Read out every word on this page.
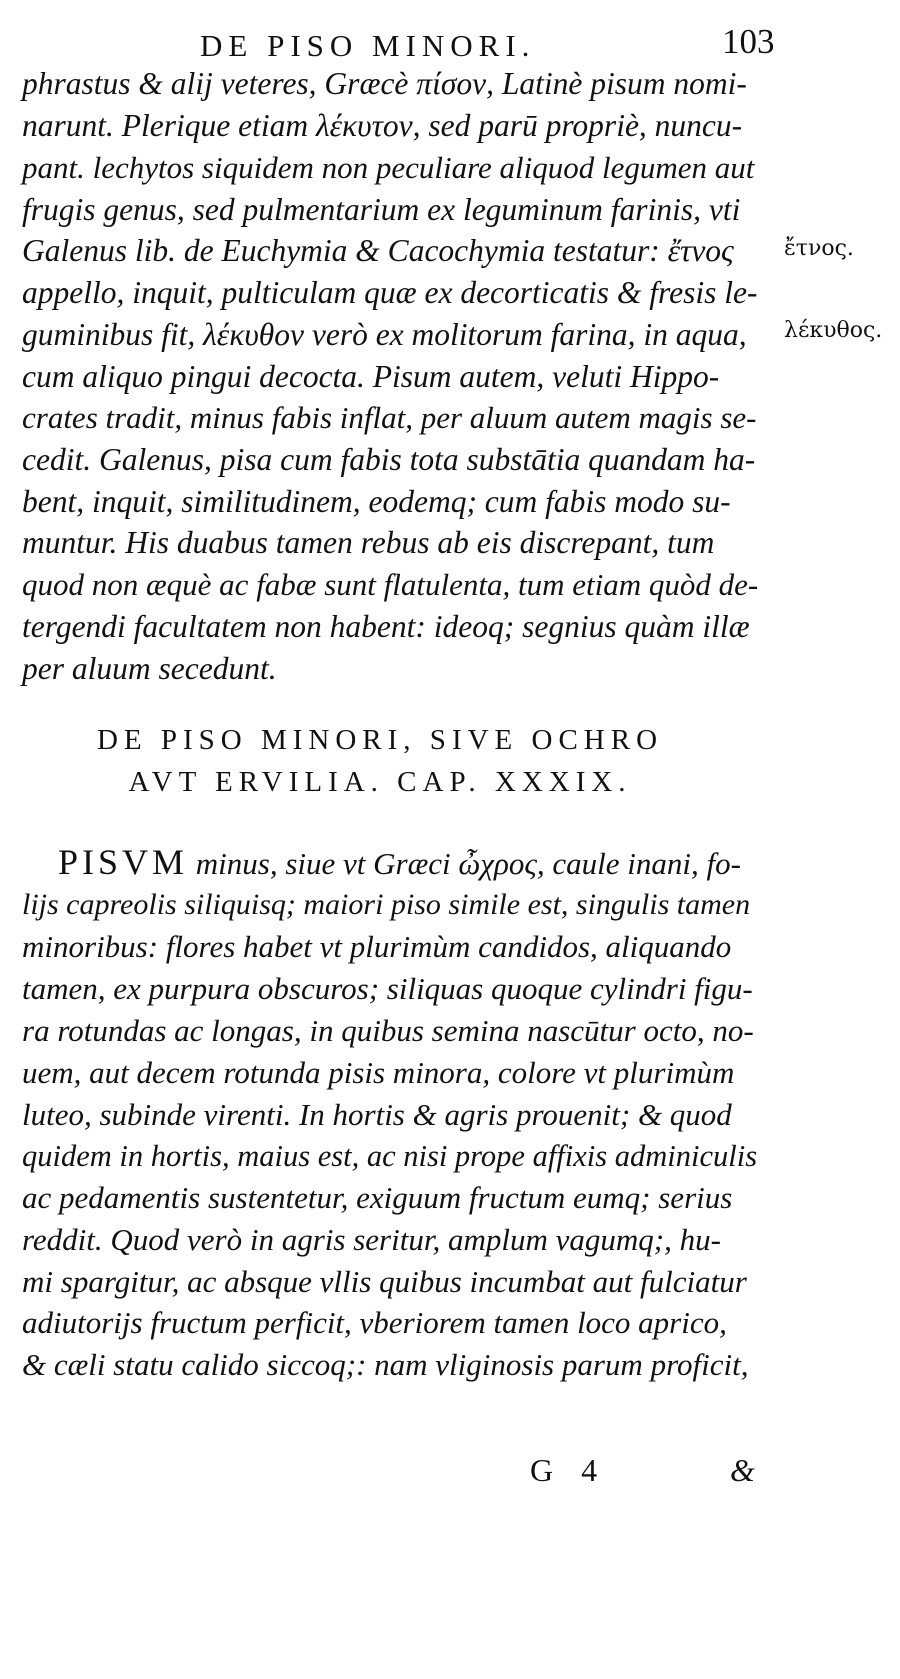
DE PISO MINORI.	103
phrastus & alij veteres, Græcè πίσον, Latinè pisum nomi-
narunt. Plerique etiam λέκυτον, sed parū propriè, nuncu-
pant. lechytos siquidem non peculiare aliquod legumen aut
frugis genus, sed pulmentarium ex leguminum farinis, vti
Galenus lib. de Euchymia & Cacochymia testatur: ἔτνος
appello, inquit, pulticulam quæ ex decorticatis & fresis le-
guminibus fit, λέκυθον verò ex molitorum farina, in aqua,
cum aliquo pingui decocta. Pisum autem, veluti Hippo-
crates tradit, minus fabis inflat, per aluum autem magis se-
cedit. Galenus, pisa cum fabis tota substātia quandam ha-
bent, inquit, similitudinem, eodemq; cum fabis modo su-
muntur. His duabus tamen rebus ab eis discrepant, tum
quod non æquè ac fabæ sunt flatulenta, tum etiam quòd de-
tergendi facultatem non habent: ideoq; segnius quàm illæ
per aluum secedunt.
ἔτνος.
λέκυθος.
DE PISO MINORI, SIVE OCHRO
AVT ERVILIA. CAP. XXXIX.
PISVM minus, siue vt Græci ὦχρος, caule inani, fo-
lijs capreolis siliquisq; maiori piso simile est, singulis tamen
minoribus: flores habet vt plurimùm candidos, aliquando
tamen, ex purpura obscuros; siliquas quoque cylindri figu-
ra rotundas ac longas, in quibus semina nascūtur octo, no-
uem, aut decem rotunda pisis minora, colore vt plurimùm
luteo, subinde virenti. In hortis & agris prouenit; & quod
quidem in hortis, maius est, ac nisi prope affixis adminiculis
ac pedamentis sustentetur, exiguum fructum eumq; serius
reddit. Quod verò in agris seritur, amplum vagumq;, hu-
mi spargitur, ac absque vllis quibus incumbat aut fulciatur
adiutorijs fructum perficit, vberiorem tamen loco aprico,
& cæli statu calido siccoq;: nam vliginosis parum proficit,
G 4	&
